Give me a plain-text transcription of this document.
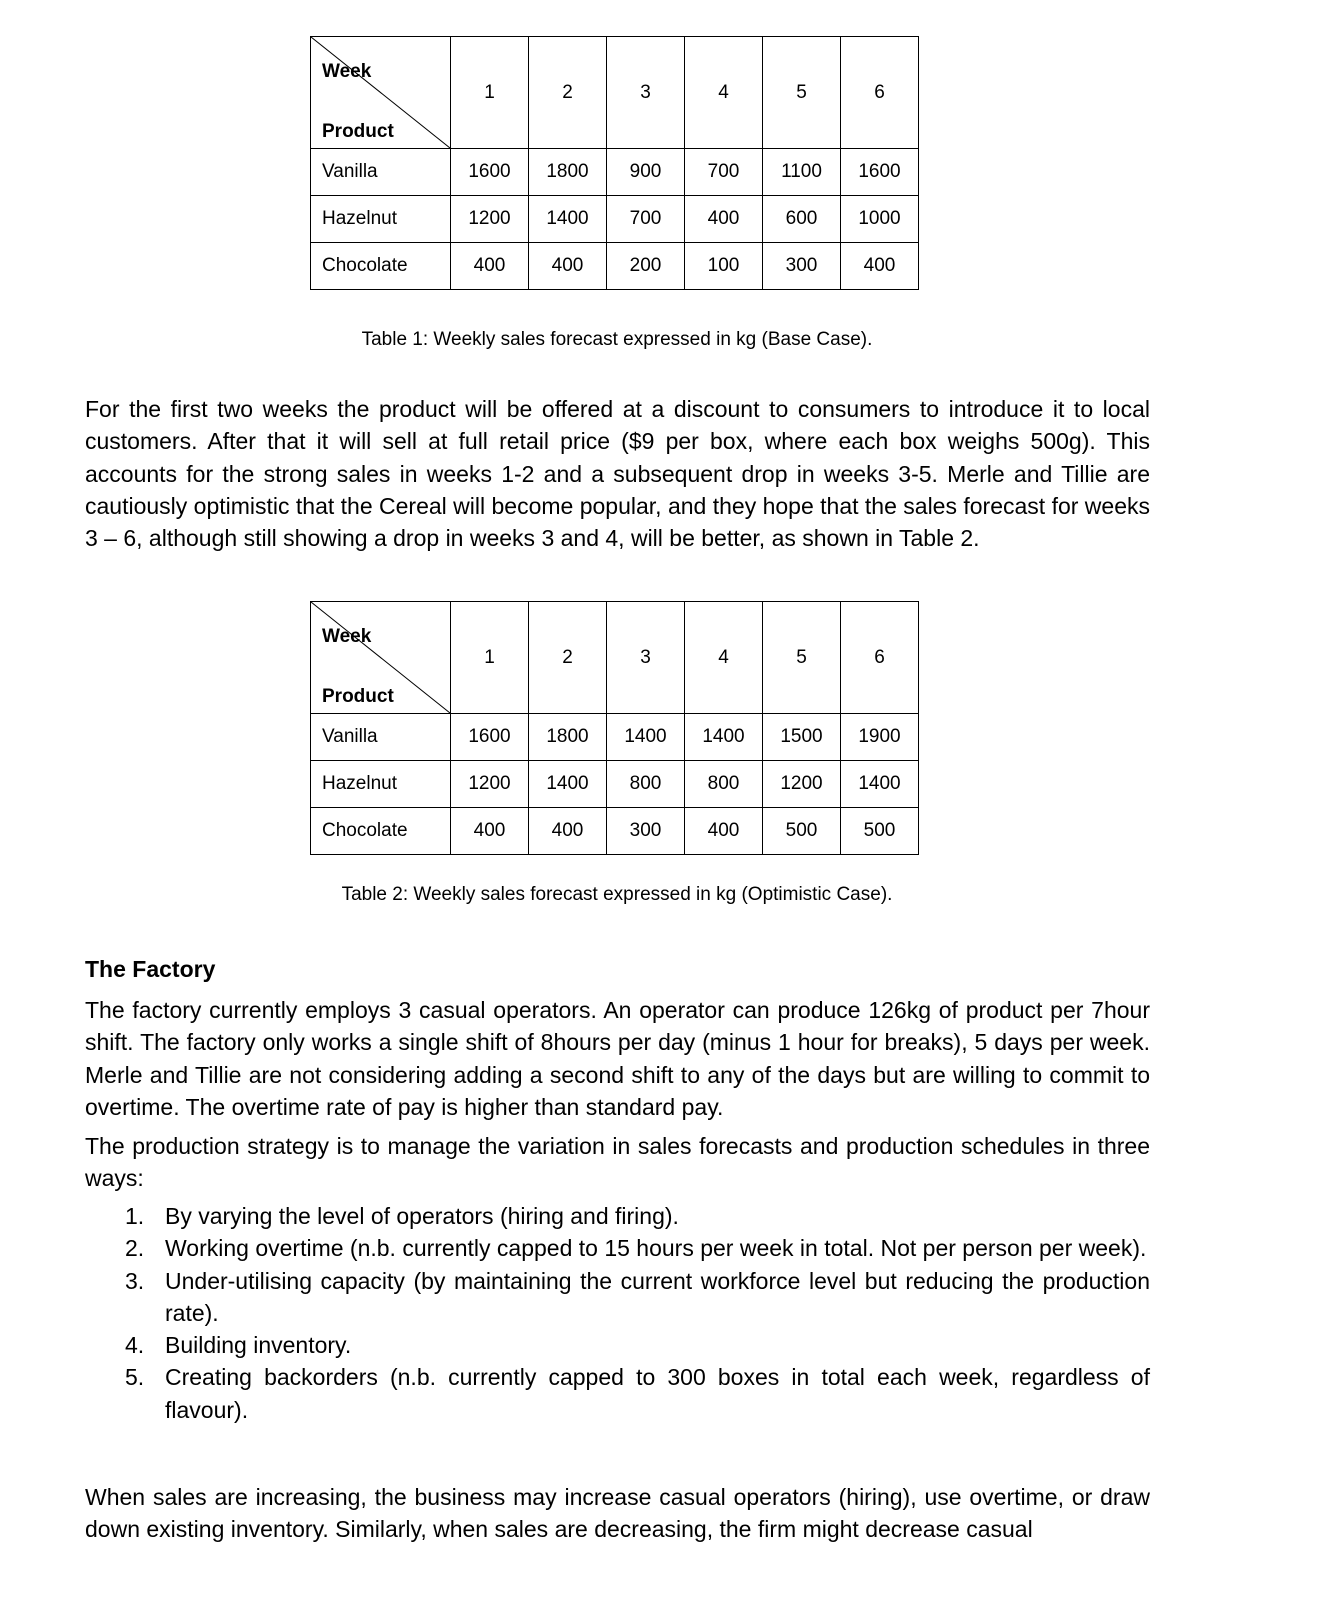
Week
Product	1	2	3	4	5	6
Vanilla	1600	1800	900	700	1100	1600
Hazelnut	1200	1400	700	400	600	1000
Chocolate	400	400	200	100	300	400
Table 1: Weekly sales forecast expressed in kg (Base Case).
For the first two weeks the product will be offered at a discount to consumers to introduce it to local customers. After that it will sell at full retail price ($9 per box, where each box weighs 500g). This accounts for the strong sales in weeks 1-2 and a subsequent drop in weeks 3-5. Merle and Tillie are cautiously optimistic that the Cereal will become popular, and they hope that the sales forecast for weeks 3 – 6, although still showing a drop in weeks 3 and 4, will be better, as shown in Table 2.
Week
Product	1	2	3	4	5	6
Vanilla	1600	1800	1400	1400	1500	1900
Hazelnut	1200	1400	800	800	1200	1400
Chocolate	400	400	300	400	500	500
Table 2: Weekly sales forecast expressed in kg (Optimistic Case).
The Factory
The factory currently employs 3 casual operators. An operator can produce 126kg of product per 7hour shift. The factory only works a single shift of 8hours per day (minus 1 hour for breaks), 5 days per week. Merle and Tillie are not considering adding a second shift to any of the days but are willing to commit to overtime. The overtime rate of pay is higher than standard pay.
The production strategy is to manage the variation in sales forecasts and production schedules in three ways:
1. By varying the level of operators (hiring and firing).
2. Working overtime (n.b. currently capped to 15 hours per week in total. Not per person per week).
3. Under-utilising capacity (by maintaining the current workforce level but reducing the production rate).
4. Building inventory.
5. Creating backorders (n.b. currently capped to 300 boxes in total each week, regardless of flavour).
When sales are increasing, the business may increase casual operators (hiring), use overtime, or draw down existing inventory. Similarly, when sales are decreasing, the firm might decrease casual
